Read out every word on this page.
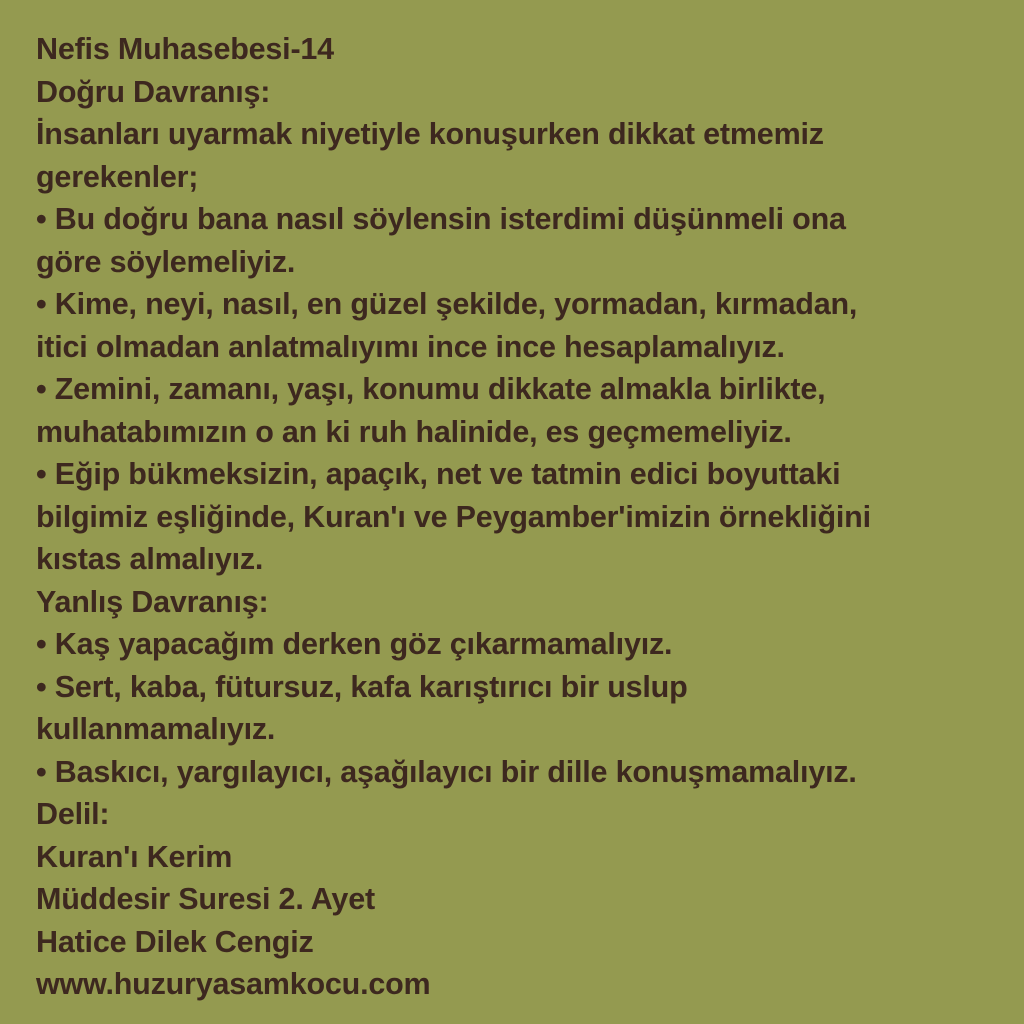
Nefis Muhasebesi-14
Doğru Davranış:
İnsanları uyarmak niyetiyle konuşurken dikkat etmemiz
gerekenler;
• Bu doğru bana nasıl söylensin isterdimi düşünmeli ona
göre söylemeliyiz.
• Kime, neyi, nasıl, en güzel şekilde, yormadan, kırmadan,
itici olmadan anlatmalıyımı ince ince hesaplamalıyız.
• Zemini, zamanı, yaşı, konumu dikkate almakla birlikte,
muhatabımızın o an ki ruh halinide, es geçmemeliyiz.
• Eğip bükmeksizin, apaçık, net ve tatmin edici boyuttaki
bilgimiz eşliğinde, Kuran'ı ve Peygamber'imizin örnekliğini
kıstas almalıyız.
Yanlış Davranış:
• Kaş yapacağım derken göz çıkarmamalıyız.
• Sert, kaba, fütursuz, kafa karıştırıcı bir uslup
kullanmamalıyız.
• Baskıcı, yargılayıcı, aşağılayıcı bir dille konuşmamalıyız.
Delil:
Kuran'ı Kerim
Müddesir Suresi 2. Ayet
Hatice Dilek Cengiz
www.huzuryasamkocu.com
